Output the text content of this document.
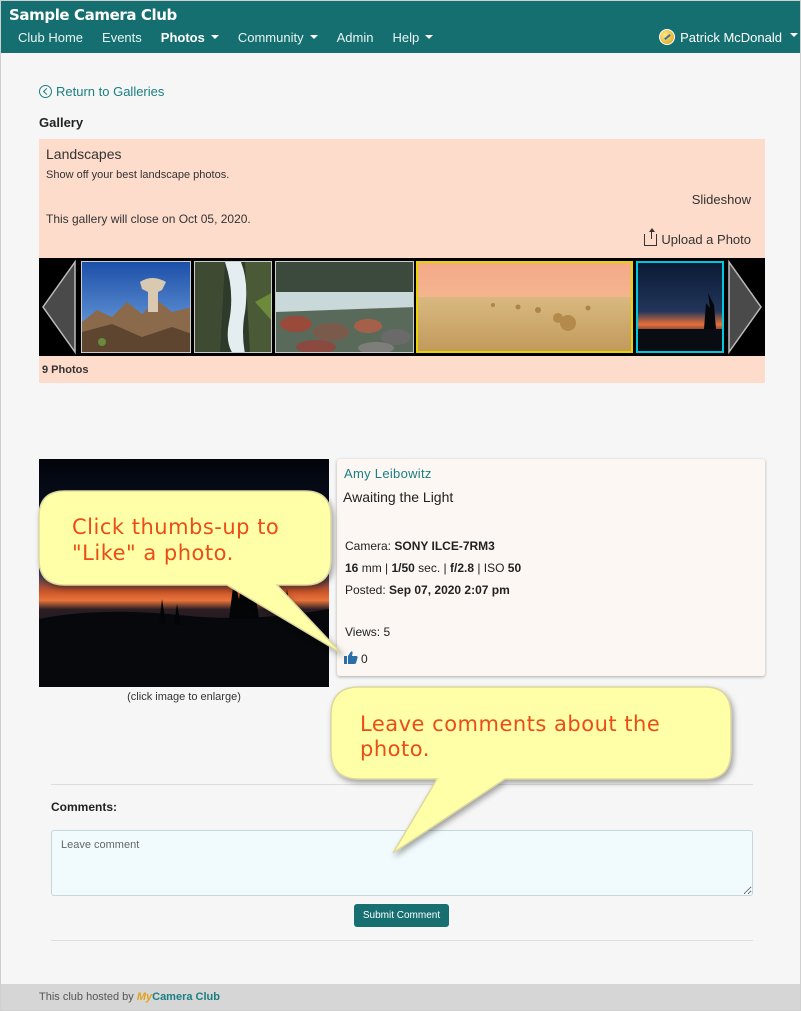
Sample Camera Club
Club Home Events Photos	Community	Admin Help	Patrick McDonald
Return to Galleries
Gallery
Landscapes
Show off your best landscape photos.
Slideshow
This gallery will close on Oct 05, 2020.
Upload a Photo
9 Photos
(click image to enlarge)
Amy Leibowitz
Awaiting the Light
Camera: SONY ILCE-7RM3
16 mm | 1/50 sec. | f/2.8 | ISO 50
Posted: Sep 07, 2020 2:07 pm
Views: 5
0
Comments:
Leave comment
Submit Comment
This club hosted by MyCamera Club
Click thumbs-up to
"Like" a photo.
Leave comments about the
photo.
